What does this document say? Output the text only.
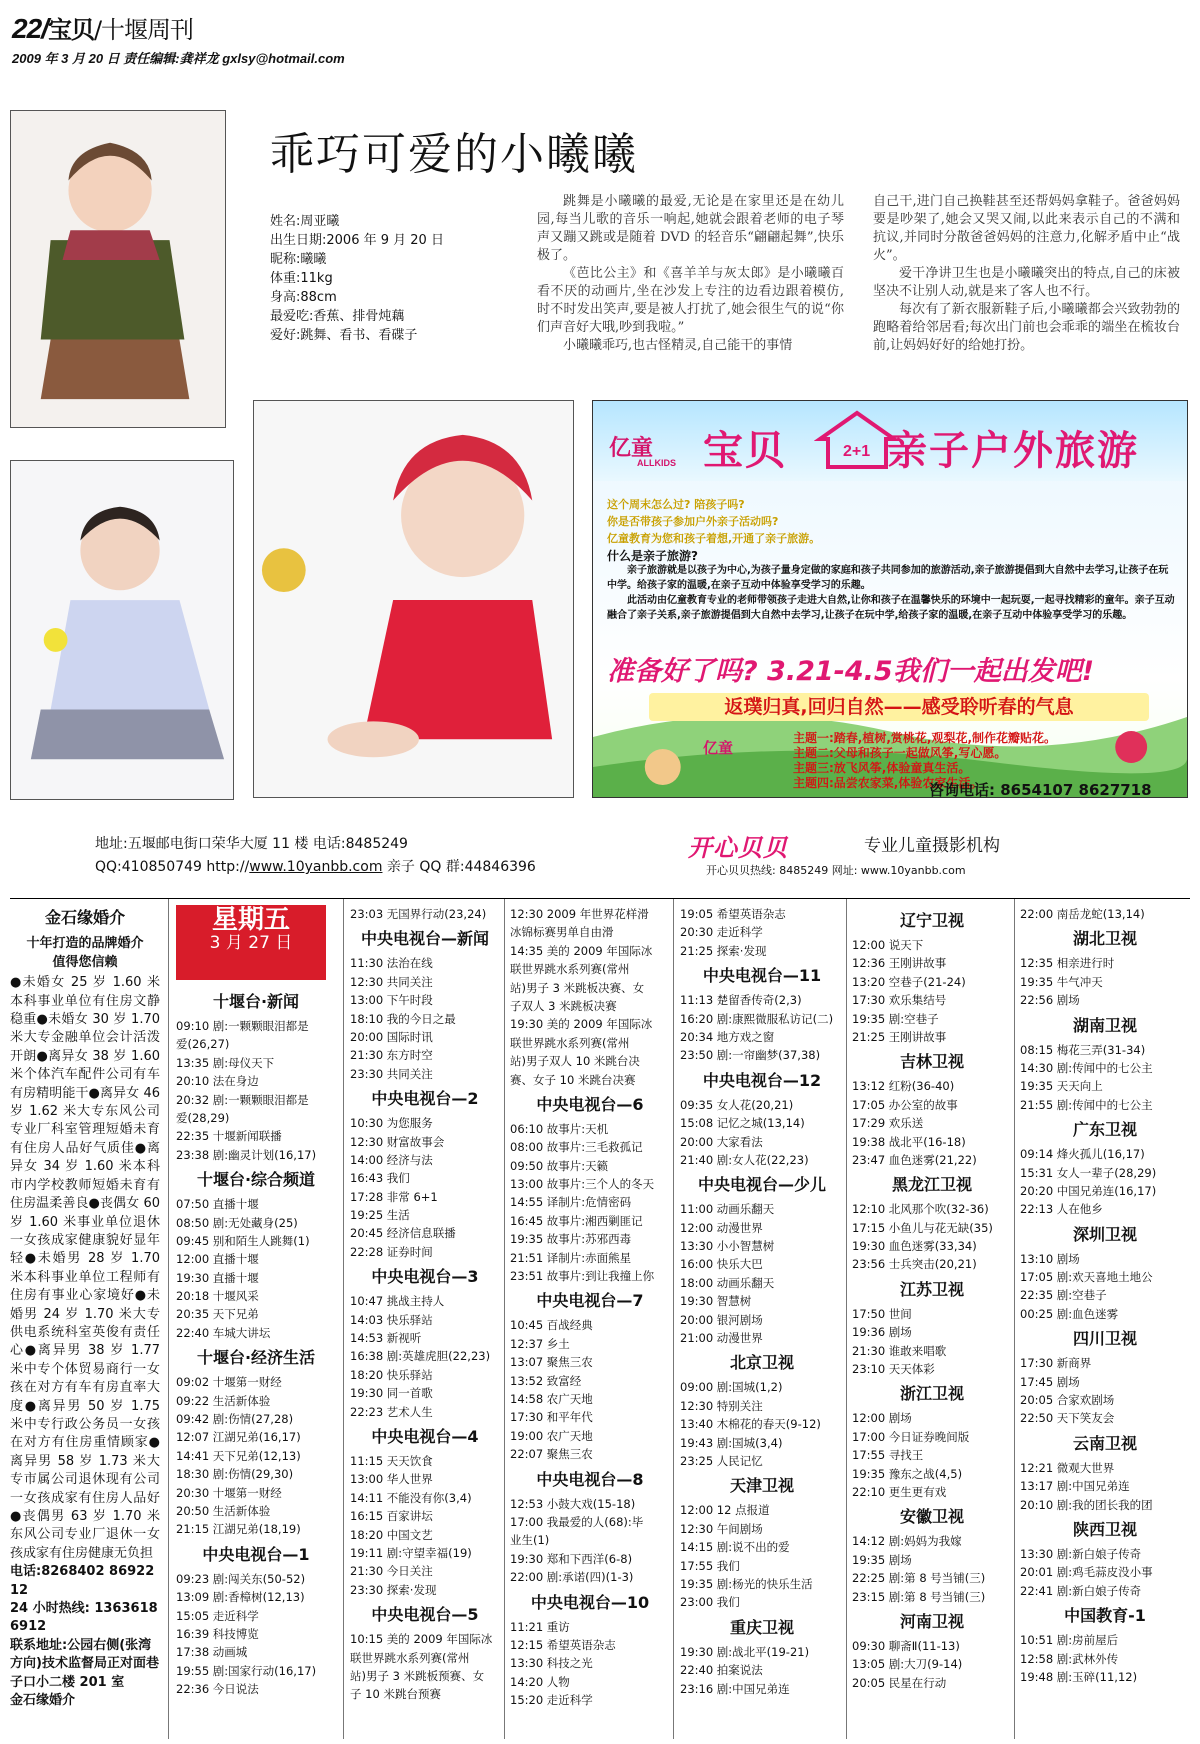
22/宝贝/十堰周刊
2009 年 3 月 20 日 责任编辑:龚祥龙 gxlsy@hotmail.com
乖巧可爱的小曦曦
姓名:周亚曦
出生日期:2006 年 9 月 20 日
昵称:曦曦
体重:11kg
身高:88cm
最爱吃:香蕉、排骨炖藕
爱好:跳舞、看书、看碟子

跳舞是小曦曦的最爱,无论是在家里还是在幼儿园,每当儿歌的音乐一响起,她就会跟着老师的电子琴声又蹦又跳或是随着 DVD 的轻音乐“翩翩起舞”,快乐极了。

《芭比公主》和《喜羊羊与灰太郎》是小曦曦百看不厌的动画片,坐在沙发上专注的边看边跟着模仿,时不时发出笑声,要是被人打扰了,她会很生气的说“你们声音好大哦,吵到我啦。”

小曦曦乖巧,也古怪精灵,自己能干的事情

自己干,进门自己换鞋甚至还帮妈妈拿鞋子。爸爸妈妈要是吵架了,她会又哭又闹,以此来表示自己的不满和抗议,并同时分散爸爸妈妈的注意力,化解矛盾中止“战火”。

爱干净讲卫生也是小曦曦突出的特点,自己的床被坚决不让别人动,就是来了客人也不行。

每次有了新衣服新鞋子后,小曦曦都会兴致勃勃的跑略着给邻居看;每次出门前也会乖乖的端坐在梳妆台前,让妈妈好好的给她打扮。

亿童
ALLKIDS 宝贝	亲子户外旅游
2+1
这个周末怎么过? 陪孩子吗?
你是否带孩子参加户外亲子活动吗?
亿童教育为您和孩子着想,开通了亲子旅游。
什么是亲子旅游?

亲子旅游就是以孩子为中心,为孩子量身定做的家庭和孩子共同参加的旅游活动,亲子旅游提倡到大自然中去学习,让孩子在玩中学。给孩子家的温暖,在亲子互动中体验享受学习的乐趣。

此活动由亿童教育专业的老师带领孩子走进大自然,让你和孩子在温馨快乐的环境中一起玩耍,一起寻找精彩的童年。亲子互动融合了亲子关系,亲子旅游提倡到大自然中去学习,让孩子在玩中学,给孩子家的温暖,在亲子互动中体验享受学习的乐趣。

准备好了吗? 3.21-4.5我们一起出发吧!
返璞归真,回归自然——感受聆听春的气息
亿童
主题一:踏春,植树,赏桃花,观梨花,制作花瓣贴花。
主题二:父母和孩子一起做风筝,写心愿。
主题三:放飞风筝,体验童真生活。
主题四:品尝农家菜,体验农家生活。
咨询电话: 8654107 8627718
地址:五堰邮电街口荣华大厦 11 楼 电话:8485249
QQ:410850749 http://www.10yanbb.com 亲子 QQ 群:44846396
开心贝贝	专业儿童摄影机构
开心贝贝热线: 8485249 网址: www.10yanbb.com
金石缘婚介
十年打造的品牌婚介
值得您信赖
●未婚女 25 岁 1.60 米本科事业单位有住房文静稳重●未婚女 30 岁 1.70 米大专金融单位会计活泼开朗●离异女 38 岁 1.60 米个体汽车配件公司有车有房精明能干●离异女 46 岁 1.62 米大专东风公司专业厂科室管理短婚未育有住房人品好气质佳●离异女 34 岁 1.60 米本科市内学校教师短婚未育有住房温柔善良●丧偶女 60 岁 1.60 米事业单位退休一女孩成家健康貌好显年轻●未婚男 28 岁 1.70 米本科事业单位工程师有住房有事业心家境好●未婚男 24 岁 1.70 米大专供电系统科室英俊有责任心●离异男 38 岁 1.77 米中专个体贸易商行一女孩在对方有车有房直率大度●离异男 50 岁 1.75 米中专行政公务员一女孩在对方有住房重情顾家●离异男 58 岁 1.73 米大专市属公司退休现有公司一女孩成家有住房人品好●丧偶男 63 岁 1.70 米东风公司专业厂退休一女孩成家有住房健康无负担
电话:8268402 8692212
24 小时热线: 13636186912
联系地址:公园右侧(张湾方向)技术监督局正对面巷子口小二楼 201 室
金石缘婚介
星期五
3 月 27 日
十堰台·新闻
09:10 剧:一颗颗眼泪都是
爱(26,27)
13:35 剧:母仪天下
20:10 法在身边
20:32 剧:一颗颗眼泪都是
爱(28,29)
22:35 十堰新闻联播
23:38 剧:幽灵计划(16,17)
十堰台·综合频道
07:50 直播十堰
08:50 剧:无处藏身(25)
09:45 别和陌生人跳舞(1)
12:00 直播十堰
19:30 直播十堰
20:18 十堰风采
20:35 天下兄弟
22:40 车城大讲坛
十堰台·经济生活
09:02 十堰第一财经
09:22 生活新体验
09:42 剧:伤情(27,28)
12:07 江湖兄弟(16,17)
14:41 天下兄弟(12,13)
18:30 剧:伤情(29,30)
20:30 十堰第一财经
20:50 生活新体验
21:15 江湖兄弟(18,19)
中央电视台—1
09:23 剧:闯关东(50-52)
13:09 剧:香樟树(12,13)
15:05 走近科学
16:39 科技博览
17:38 动画城
19:55 剧:国家行动(16,17)
22:36 今日说法
23:03 无国界行动(23,24)
中央电视台—新闻
11:30 法治在线
12:30 共同关注
13:00 下午时段
18:10 我的今日之最
20:00 国际时讯
21:30 东方时空
23:30 共同关注
中央电视台—2
10:30 为您服务
12:30 财富故事会
14:00 经济与法
16:43 我们
17:28 非常 6+1
19:25 生活
20:45 经济信息联播
22:28 证券时间
中央电视台—3
10:47 挑战主持人
14:03 快乐驿站
14:53 新视听
16:38 剧:英雄虎胆(22,23)
18:20 快乐驿站
19:30 同一首歌
22:23 艺术人生
中央电视台—4
11:15 天天饮食
13:00 华人世界
14:11 不能没有你(3,4)
16:15 百家讲坛
18:20 中国文艺
19:11 剧:守望幸福(19)
21:30 今日关注
23:30 探索·发现
中央电视台—5
10:15 美的 2009 年国际冰
联世界跳水系列赛(常州
站)男子 3 米跳板预赛、女
子 10 米跳台预赛
12:30 2009 年世界花样滑
冰锦标赛男单自由滑
14:35 美的 2009 年国际冰
联世界跳水系列赛(常州
站)男子 3 米跳板决赛、女
子双人 3 米跳板决赛
19:30 美的 2009 年国际冰
联世界跳水系列赛(常州
站)男子双人 10 米跳台决
赛、女子 10 米跳台决赛
中央电视台—6
06:10 故事片:天机
08:00 故事片:三毛救孤记
09:50 故事片:天籁
13:00 故事片:三个人的冬天
14:55 译制片:危情密码
16:45 故事片:湘西剿匪记
19:35 故事片:苏邪西毒
21:51 译制片:赤面熊星
23:51 故事片:到让我撞上你
中央电视台—7
10:45 百战经典
12:37 乡土
13:07 聚焦三农
13:52 致富经
14:58 农广天地
17:30 和平年代
19:00 农广天地
22:07 聚焦三农
中央电视台—8
12:53 小鼓大戏(15-18)
17:00 我最爱的人(68):毕
业生(1)
19:30 郑和下西洋(6-8)
22:00 剧:承诺(四)(1-3)
中央电视台—10
11:21 重访
12:15 希望英语杂志
13:30 科技之光
14:20 人物
15:20 走近科学
19:05 希望英语杂志
20:30 走近科学
21:25 探索·发现
中央电视台—11
11:13 楚留香传奇(2,3)
16:20 剧:康熙微服私访记(二)
20:34 地方戏之窗
23:50 剧:一帘幽梦(37,38)
中央电视台—12
09:35 女人花(20,21)
15:08 记忆之城(13,14)
20:00 大家看法
21:40 剧:女人花(22,23)
中央电视台—少儿
11:00 动画乐翻天
12:00 动漫世界
13:30 小小智慧树
16:00 快乐大巴
18:00 动画乐翻天
19:30 智慧树
20:00 银河剧场
21:00 动漫世界
北京卫视
09:00 剧:国城(1,2)
12:30 特别关注
13:40 木棉花的春天(9-12)
19:43 剧:国城(3,4)
23:25 人民记忆
天津卫视
12:00 12 点报道
12:30 午间剧场
14:15 剧:说不出的爱
17:55 我们
19:35 剧:杨光的快乐生活
23:00 我们
重庆卫视
19:30 剧:战北平(19-21)
22:40 拍案说法
23:16 剧:中国兄弟连
辽宁卫视
12:00 说天下
12:36 王刚讲故事
13:20 空巷子(21-24)
17:30 欢乐集结号
19:35 剧:空巷子
21:25 王刚讲故事
吉林卫视
13:12 红粉(36-40)
17:05 办公室的故事
17:29 欢乐送
19:38 战北平(16-18)
23:47 血色迷雾(21,22)
黑龙江卫视
12:10 北风那个吹(32-36)
17:15 小鱼儿与花无缺(35)
19:30 血色迷雾(33,34)
23:56 士兵突击(20,21)
江苏卫视
17:50 世间
19:36 剧场
21:30 谁敢来唱歌
23:10 天天体彩
浙江卫视
12:00 剧场
17:00 今日证券晚间版
17:55 寻找王
19:35 豫东之战(4,5)
22:10 更生更有戏
安徽卫视
14:12 剧:妈妈为我嫁
19:35 剧场
22:25 剧:第 8 号当铺(三)
23:15 剧:第 8 号当铺(三)
河南卫视
09:30 聊斋Ⅱ(11-13)
13:05 剧:大刀(9-14)
20:05 民星在行动
22:00 南岳龙蛇(13,14)
湖北卫视
12:35 相亲进行时
19:35 牛气冲天
22:56 剧场
湖南卫视
08:15 梅花三弄(31-34)
14:30 剧:传闻中的七公主
19:35 天天向上
21:55 剧:传闻中的七公主
广东卫视
09:14 烽火孤儿(16,17)
15:31 女人一辈子(28,29)
20:20 中国兄弟连(16,17)
22:13 人在他乡
深圳卫视
13:10 剧场
17:05 剧:欢天喜地土地公
22:35 剧:空巷子
00:25 剧:血色迷雾
四川卫视
17:30 新商界
17:45 剧场
20:05 合家欢剧场
22:50 天下笑友会
云南卫视
12:21 微观大世界
13:17 剧:中国兄弟连
20:10 剧:我的团长我的团
陕西卫视
13:30 剧:新白娘子传奇
20:01 剧:鸡毛蒜皮没小事
22:41 剧:新白娘子传奇
中国教育-1
10:51 剧:房前屋后
12:58 剧:武林外传
19:48 剧:玉碎(11,12)
